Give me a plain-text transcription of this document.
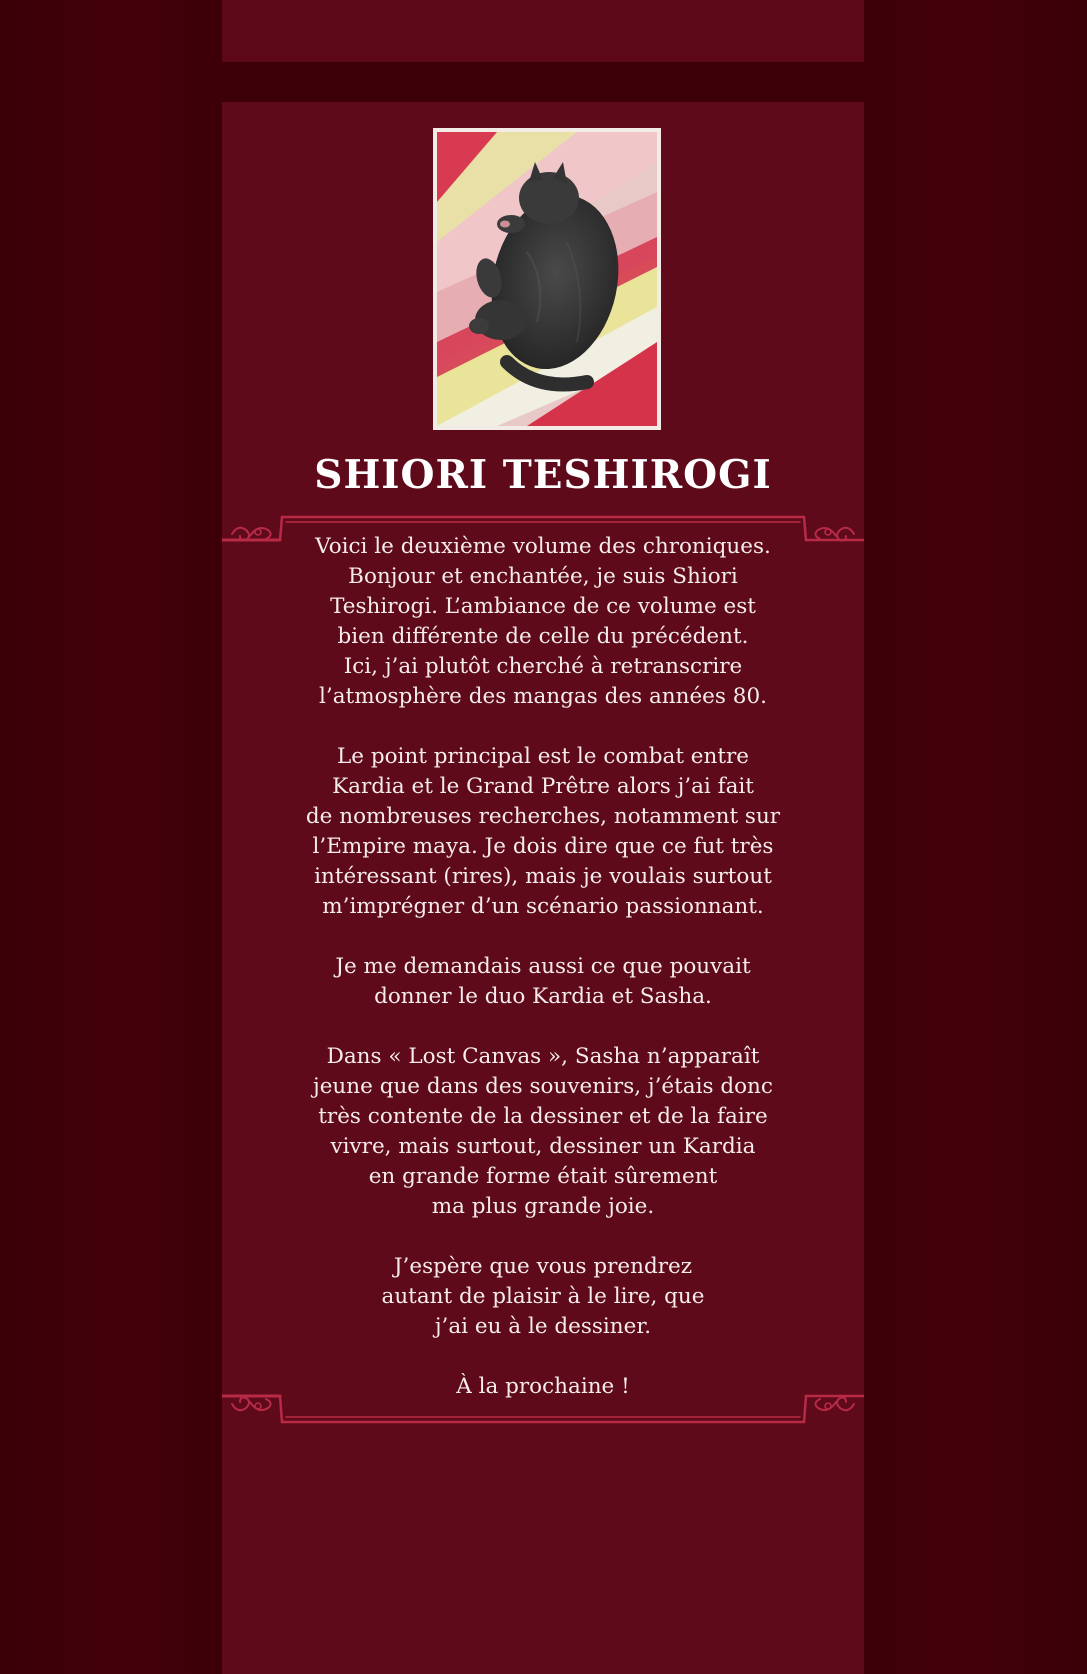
SHIORI TESHIROGI

Voici le deuxième volume des chroniques.
Bonjour et enchantée, je suis Shiori
Teshirogi. L’ambiance de ce volume est
bien différente de celle du précédent.
Ici, j’ai plutôt cherché à retranscrire
l’atmosphère des mangas des années 80.

Le point principal est le combat entre
Kardia et le Grand Prêtre alors j’ai fait
de nombreuses recherches, notamment sur
l’Empire maya. Je dois dire que ce fut très
intéressant (rires), mais je voulais surtout
m’imprégner d’un scénario passionnant.

Je me demandais aussi ce que pouvait
donner le duo Kardia et Sasha.

Dans « Lost Canvas », Sasha n’apparaît
jeune que dans des souvenirs, j’étais donc
très contente de la dessiner et de la faire
vivre, mais surtout, dessiner un Kardia
en grande forme était sûrement
ma plus grande joie.

J’espère que vous prendrez
autant de plaisir à le lire, que
j’ai eu à le dessiner.

À la prochaine !
